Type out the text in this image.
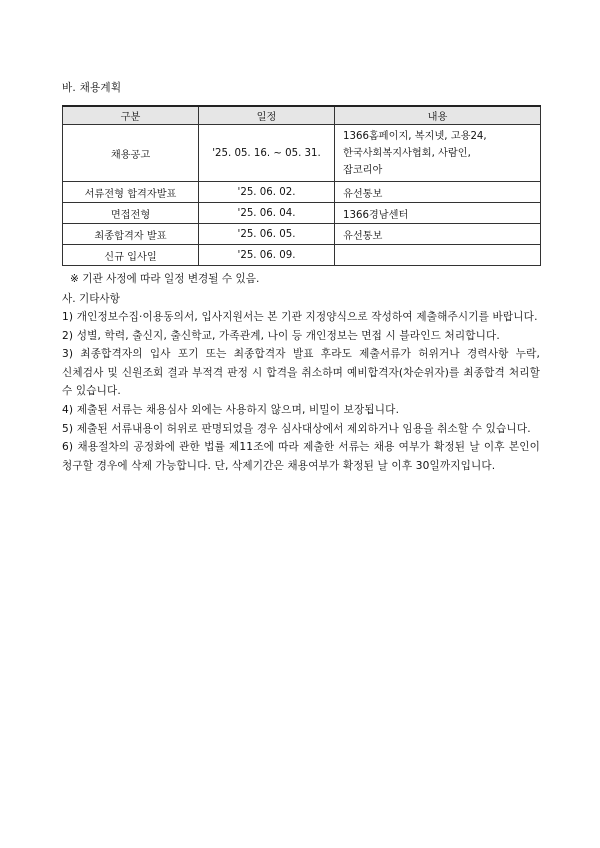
바. 채용계획
구분	일정	내용
채용공고	'25. 05. 16. ~ 05. 31.	1366홈페이지, 복지넷, 고용24,
한국사회복지사협회, 사람인,
잡코리아

서류전형 합격자발표	'25. 06. 02.	유선통보
면접전형	'25. 06. 04.	1366경남센터
최종합격자 발표	'25. 06. 05.	유선통보
신규 입사일	'25. 06. 09.	
※ 기관 사정에 따라 일정 변경될 수 있음.
사. 기타사항
1) 개인정보수집·이용동의서, 입사지원서는 본 기관 지정양식으로 작성하여 제출해주시기를 바랍니다.
2) 성별, 학력, 출신지, 출신학교, 가족관계, 나이 등 개인정보는 면접 시 블라인드 처리합니다.
3) 최종합격자의 입사 포기 또는 최종합격자 발표 후라도 제출서류가 허위거나 경력사항 누락, 신체검사 및 신원조회 결과 부적격 판정 시 합격을 취소하며 예비합격자(차순위자)를 최종합격 처리할 수 있습니다.
4) 제출된 서류는 채용심사 외에는 사용하지 않으며, 비밀이 보장됩니다.
5) 제출된 서류내용이 허위로 판명되었을 경우 심사대상에서 제외하거나 임용을 취소할 수 있습니다.
6) 채용절차의 공정화에 관한 법률 제11조에 따라 제출한 서류는 채용 여부가 확정된 날 이후 본인이 청구할 경우에 삭제 가능합니다. 단, 삭제기간은 채용여부가 확정된 날 이후 30일까지입니다.
